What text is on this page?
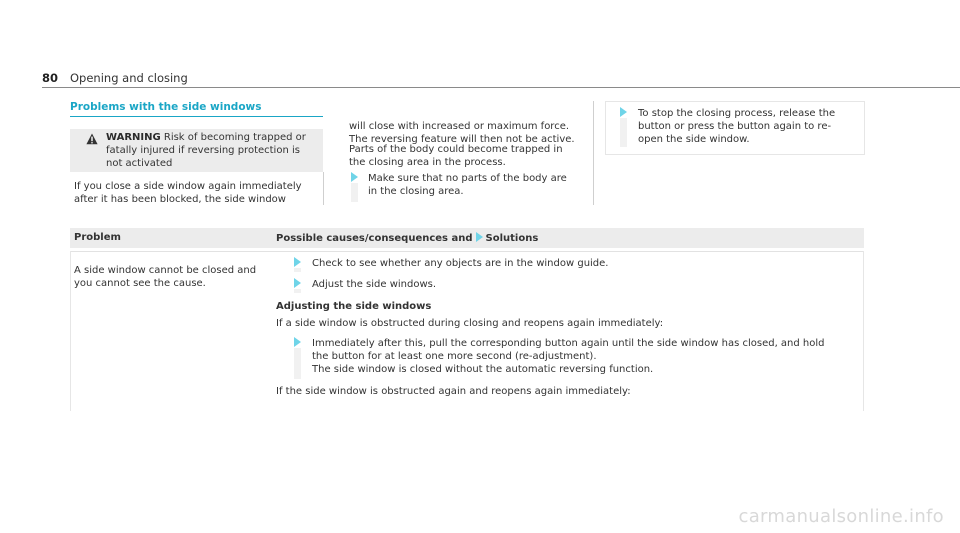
80 Opening and closing
Problems with the side windows
WARNING Risk of becoming trapped or
fatally injured if reversing protection is
not activated
If you close a side window again immediately
after it has been blocked, the side window
will close with increased or maximum force.
The reversing feature will then not be active.
Parts of the body could become trapped in
the closing area in the process.
Make sure that no parts of the body are
in the closing area.
To stop the closing process, release the
button or press the button again to re-
open the side window.
Problem	Possible causes/consequences and Solutions
A side window cannot be closed and
you cannot see the cause.
Check to see whether any objects are in the window guide.
Adjust the side windows.
Adjusting the side windows
If a side window is obstructed during closing and reopens again immediately:
Immediately after this, pull the corresponding button again until the side window has closed, and hold
the button for at least one more second (re-adjustment).
The side window is closed without the automatic reversing function.
If the side window is obstructed again and reopens again immediately:
carmanualsonline.info
